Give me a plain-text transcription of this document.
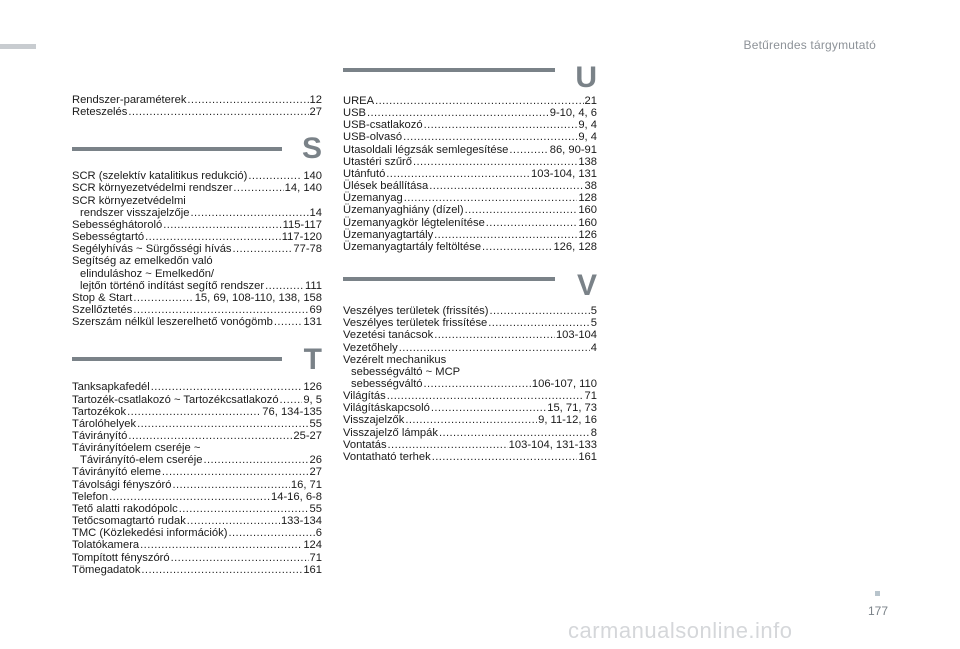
Betűrendes tárgymutató
Rendszer-paraméterek .....	12
Reteszelés .....	27
S
SCR (szelektív katalitikus redukció) .....	140
SCR környezetvédelmi rendszer .....	14, 140
SCR környezetvédelmi
rendszer visszajelzője .....	14
Sebességhátoroló .....	115-117
Sebességtartó .....	117-120
Segélyhívás ~ Sürgősségi hívás .....	77-78
Segítség az emelkedőn való
elinduláshoz ~ Emelkedőn/
lejtőn történő indítást segítő rendszer .....	111
Stop & Start .....	15, 69, 108-110, 138, 158
Szellőztetés .....	69
Szerszám nélkül leszerelhető vonógömb .....	131
T
Tanksapkafedél .....	126
Tartozék-csatlakozó ~ Tartozékcsatlakozó ..... 9, 5
Tartozékok .....	76, 134-135
Tárolóhelyek .....	55
Távirányító .....	25-27
Távirányítóelem cseréje ~
Távirányító-elem cseréje .....	26
Távirányító eleme .....	27
Távolsági fényszóró .....	16, 71
Telefon .....	14-16, 6-8
Tető alatti rakodópolc .....	55
Tetőcsomagtartó rudak .....	133-134
TMC (Közlekedési információk) .....	6
Tolatókamera .....	124
Tompított fényszóró .....	71
Tömegadatok .....	161
U
UREA .....	21
USB .....	9-10, 4, 6
USB-csatlakozó .....	9, 4
USB-olvasó .....	9, 4
Utasoldali légzsák semlegesítése .....	86, 90-91
Utastéri szűrő .....	138
Utánfutó .....	103-104, 131
Ülések beállítása .....	38
Üzemanyag .....	128
Üzemanyaghiány (dízel) .....	160
Üzemanyagkör légtelenítése .....	160
Üzemanyagtartály .....	126
Üzemanyagtartály feltöltése .....	126, 128
V
Veszélyes területek (frissítés) .....	5
Veszélyes területek frissítése .....	5
Vezetési tanácsok .....	103-104
Vezetőhely .....	4
Vezérelt mechanikus
sebességváltó ~ MCP
sebességváltó .....	106-107, 110
Világítás .....	71
Világításkapcsoló .....	15, 71, 73
Visszajelzők .....	9, 11-12, 16
Visszajelző lámpák .....	8
Vontatás .....	103-104, 131-133
Vontatható terhek .....	161
177
carmanualsonline.info
